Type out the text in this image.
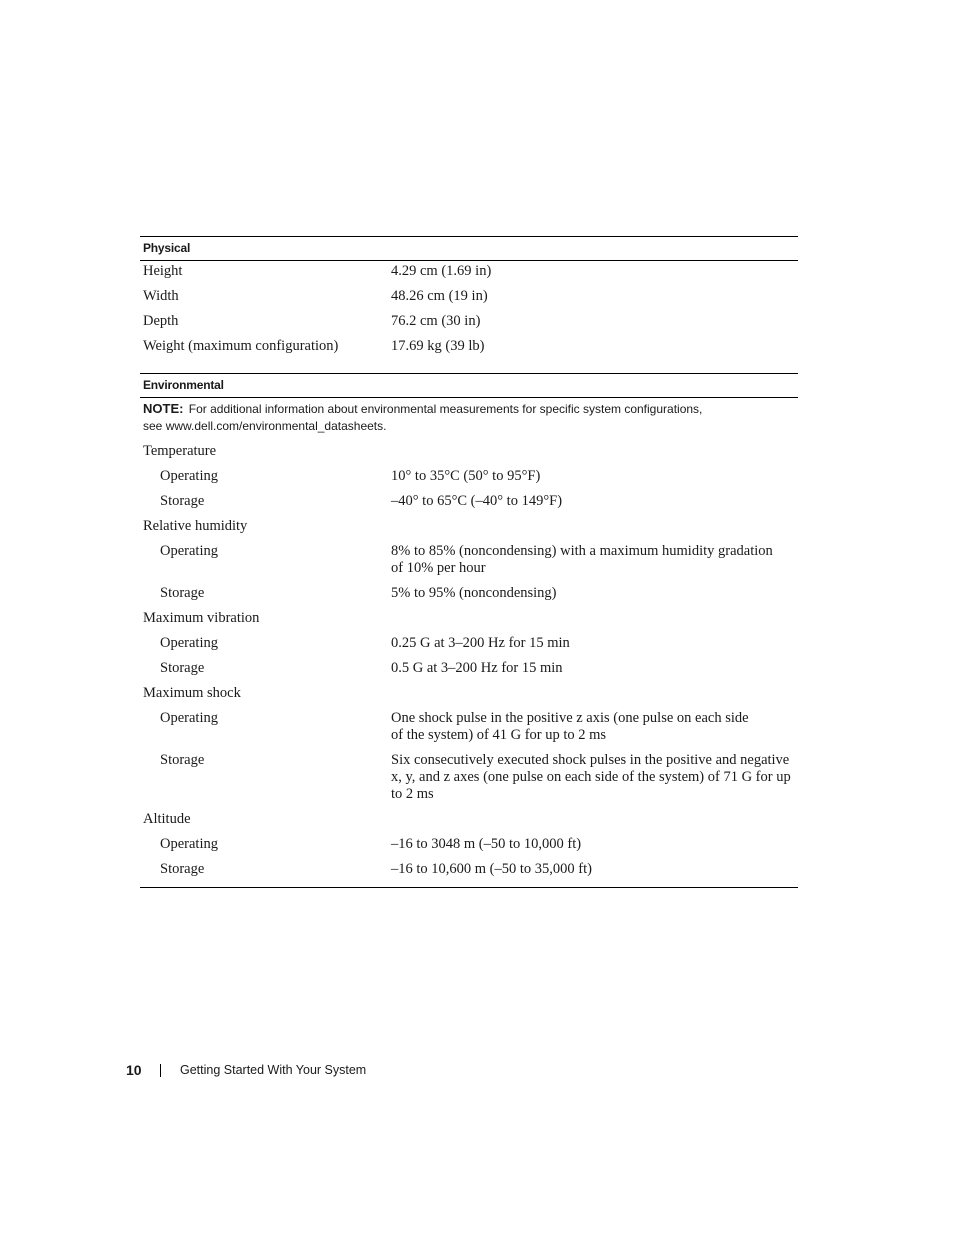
Physical
Height	4.29 cm (1.69 in)
Width	48.26 cm (19 in)
Depth	76.2 cm (30 in)
Weight (maximum configuration)	17.69 kg (39 lb)
Environmental
NOTE: For additional information about environmental measurements for specific system configurations,
see www.dell.com/environmental_datasheets.
Temperature
Operating	10° to 35°C (50° to 95°F)
Storage	–40° to 65°C (–40° to 149°F)
Relative humidity
Operating	8% to 85% (noncondensing) with a maximum humidity gradation of 10% per hour
Storage	5% to 95% (noncondensing)
Maximum vibration
Operating	0.25 G at 3–200 Hz for 15 min
Storage	0.5 G at 3–200 Hz for 15 min
Maximum shock
Operating	One shock pulse in the positive z axis (one pulse on each side of the system) of 41 G for up to 2 ms
Storage	Six consecutively executed shock pulses in the positive and negative x, y, and z axes (one pulse on each side of the system) of 71 G for up to 2 ms
Altitude
Operating	–16 to 3048 m (–50 to 10,000 ft)
Storage	–16 to 10,600 m (–50 to 35,000 ft)
10	Getting Started With Your System
